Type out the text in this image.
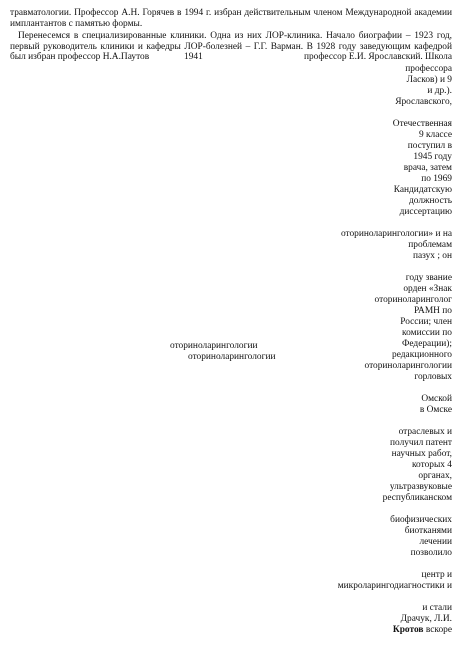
травматологии. Профессор А.Н. Горячев в 1994 г. избран действительным членом Международной академии
имплантантов с памятью формы.
Перенесемся в специализированные клиники. Одна из них ЛОР-клиника. Начало биографии – 1923 год,
первый руководитель клиники и кафедры ЛОР-болезней – Г.Г. Варман. В 1928 году заведующим кафедрой

был избран профессор Н.А.Паутов	1941	профессор Е.И. Ярославский. Школа

профессора

Ласков) и 9

и др.).

Ярославского,

Отечественная

9 классе

поступил в

1945 году

врача, затем

по 1969

Кандидатскую

должность

диссертацию

оториноларингологии» и на

проблемам

пазух ; он

году звание

орден «Знак

оториноларинголог

РАМН по

России; член

комиссии по

Федерации);

оториноларингологии

редакционного

оториноларингологии

оториноларингологии

горловых

Омской

в Омске

отраслевых и

получил патент

научных работ,

которых 4

органах,

ультразвуковые

республиканском

биофизических

биотканями

лечении

позволило

центр и

микроларингодиагностики и

и стали

Драчук, Л.И.

Кротов вскоре
